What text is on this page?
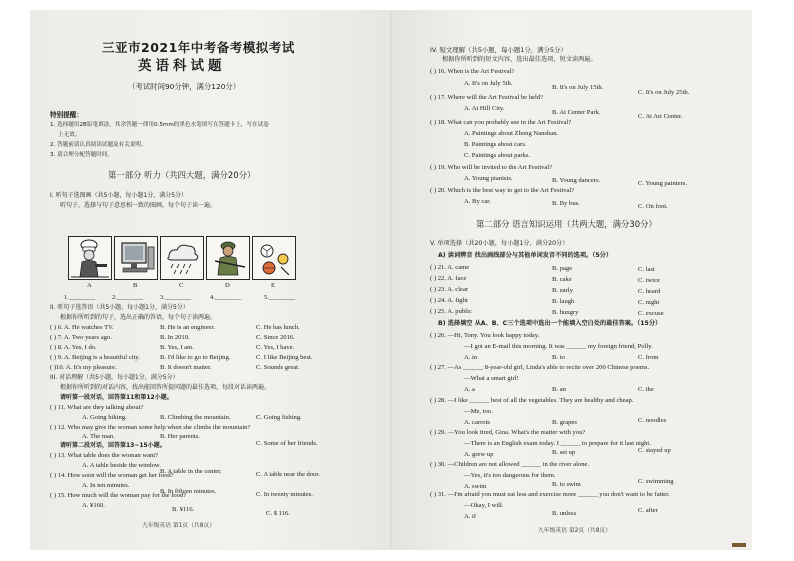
三亚市2021年中考备考模拟考试
英语科试题
（考试时间90分钟，满分120分）
特别提醒：
1. 选择题用2B铅笔填涂，其余答题一律用0.5mm的黑色水笔填写在答题卡上，写在试卷
上无效。
2. 答题前请认真阅读试题及有关说明。
3. 请合理分配答题时间。
第一部分 听力（共四大题，满分20分）
I. 听句子选图画（共5小题，每小题1分，满分5分）
听句子，选择与句子意思相一致的图画，每个句子读一遍。
A	B	C	D	E
1.________	2.________	3.________	4.________	5.________
II. 听句子选答语（共5小题，每小题1分，满分5分）
根据你所听到的句子，选出正确的答语，每个句子读两遍。
( ) 6. A. He watches TV.	B. He is an engineer.	C. He has lunch.
( ) 7. A. Two years ago.	B. In 2010.	C. Since 2016.
( ) 8. A. Yes, I do.	B. Yes, I am.	C. Yes, I have.
( ) 9. A. Beijing is a beautiful city.	B. I'd like to go to Beijing.	C. I like Beijing best.
( )10. A. It's my pleasure.	B. It doesn't matter.	C. Sounds great.
III. 对话理解（共5小题，每小题1分，满分5分）
根据你所听到的对话内容，找出能回答所提问题的最佳选项，每段对话读两遍。
请听第一段对话，回答第11和第12小题。
( ) 11. What are they talking about?
A. Going hiking.	B. Climbing the mountain.	C. Going fishing.
( ) 12. Who may give the woman some help when she climbs the mountain?
A. The man.	B. Her parents.
C. Some of her friends.
请听第二段对话，回答第13~15小题。
( ) 13. What table does the woman want?
A. A table beside the window.
B. A table in the center.	C. A table near the door.
( ) 14. How soon will the woman get her food?
A. In ten minutes.
B. In fifteen minutes.	C. In twenty minutes.
( ) 15. How much will the woman pay for the food?
A. ¥160.
B. ¥116.
C. $ 116.
九年级英语 第1页（共8页）
IV. 短文理解（共5小题，每小题1分，满分5分）
根据你所听到的短文内容，选出最佳选项，短文读两遍。
( ) 16. When is the Art Festival?
A. It's on July 5th.
B. It's on July 15th.
C. It's on July 25th.
( ) 17. Where will the Art Festival be held?
A. At Hill City.
B. At Center Park.
C. At Art Center.
( ) 18. What can you probably see in the Art Festival?
A. Paintings about Zhong Nanshan.
B. Paintings about cars.
C. Paintings about parks.
( ) 19. Who will be invited to the Art Festival?
A. Young pianists.	B. Young dancers.	C. Young painters.
( ) 20. Which is the best way to get to the Art Festival?
A. By car.	B. By bus.	C. On foot.
第二部分 语言知识运用（共两大题，满分30分）
V. 单项选择（共20小题，每小题1分，满分20分）
A) 读词辨音 找出画线部分与其他单词发音不同的选项。（5分）
( ) 21. A. came	B. page	C. last
( ) 22. A. face	B. cake	C. twice
( ) 23. A. clear	B. early	C. heard
( ) 24. A. fight	B. laugh	C. night
( ) 25. A. public	B. hungry	C. excuse
B) 选择填空 从A、B、C三个选项中选出一个能填入空白处的最佳答案。（15分）
( ) 26. —Hi, Tony. You look happy today.
—I got an E-mail this morning. It was ______ my foreign friend, Polly.
A. in	B. to	C. from
( ) 27. —As ______ 8-year-old girl, Linda's able to recite over 200 Chinese poems.
—What a smart girl!
A. a	B. an	C. the
( ) 28. —I like ______ best of all the vegetables. They are healthy and cheap.
—Me, too.
A. carrots	B. grapes	C. noodles
( ) 29. —You look tired, Gina. What's the matter with you?
—There is an English exam today. I ______ to prepare for it last night.
A. grew up	B. set up	C. stayed up
( ) 30. —Children are not allowed ______ in the river alone.
—Yes, it's too dangerous for them.
A. swim	B. to swim	C. swimming
( ) 31. —I'm afraid you must eat less and exercise more ______ you don't want to be fatter.
—Okay, I will.
A. if	B. unless	C. after
九年级英语 第2页（共8页）
